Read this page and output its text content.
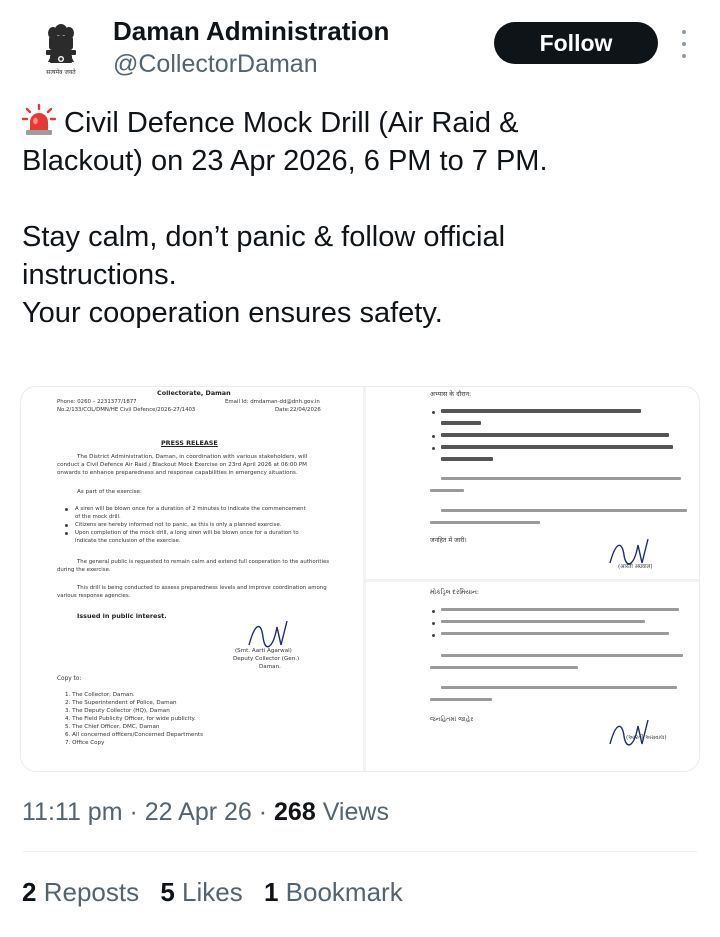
सत्यमेव जयते
Daman Administration
@CollectorDaman
Follow
Civil Defence Mock Drill (Air Raid &
Blackout) on 23 Apr 2026, 6 PM to 7 PM.
Stay calm, don’t panic & follow official
instructions.
Your cooperation ensures safety.
Collectorate, Daman
Phone: 0260 – 2231377/1877	Email Id: dmdaman-dd@dnh.gov.in
No.2/133/COL/DMN/HE Civil Defence/2026-27/1403	Date:22/04/2026
PRESS RELEASE
The District Administration, Daman, in coordination with various stakeholders, will
conduct a Civil Defence Air Raid / Blackout Mock Exercise on 23rd April 2026 at 06:00 PM
onwards to enhance preparedness and response capabilities in emergency situations.
As part of the exercise:
A siren will be blown once for a duration of 2 minutes to indicate the commencement
of the mock drill.
Citizens are hereby informed not to panic, as this is only a planned exercise.
Upon completion of the mock drill, a long siren will be blown once for a duration to
indicate the conclusion of the exercise.
The general public is requested to remain calm and extend full cooperation to the authorities
during the exercise.
This drill is being conducted to assess preparedness levels and improve coordination among
various response agencies.
Issued in public interest.
(Smt. Aarti Agarwal)
Deputy Collector (Gen.)
Daman.
Copy to:
1. The Collector, Daman.
2. The Superintendent of Police, Daman
3. The Deputy Collector (HQ), Daman
4. The Field Publicity Officer, for wide publicity.
5. The Chief Officer, DMC, Daman
6. All concerned officers/Concerned Departments
7. Office Copy
अभ्यास के दौरान:
जनहित में जारी।
(आरती अग्रवाल)
મોકડ્રિલ દરમિયાન:
જનહિતમાં જાહેર
(આરતી અગ્રવાલ)
11:11 pm · 22 Apr 26 · 268 Views
2 Reposts 5 Likes 1 Bookmark
